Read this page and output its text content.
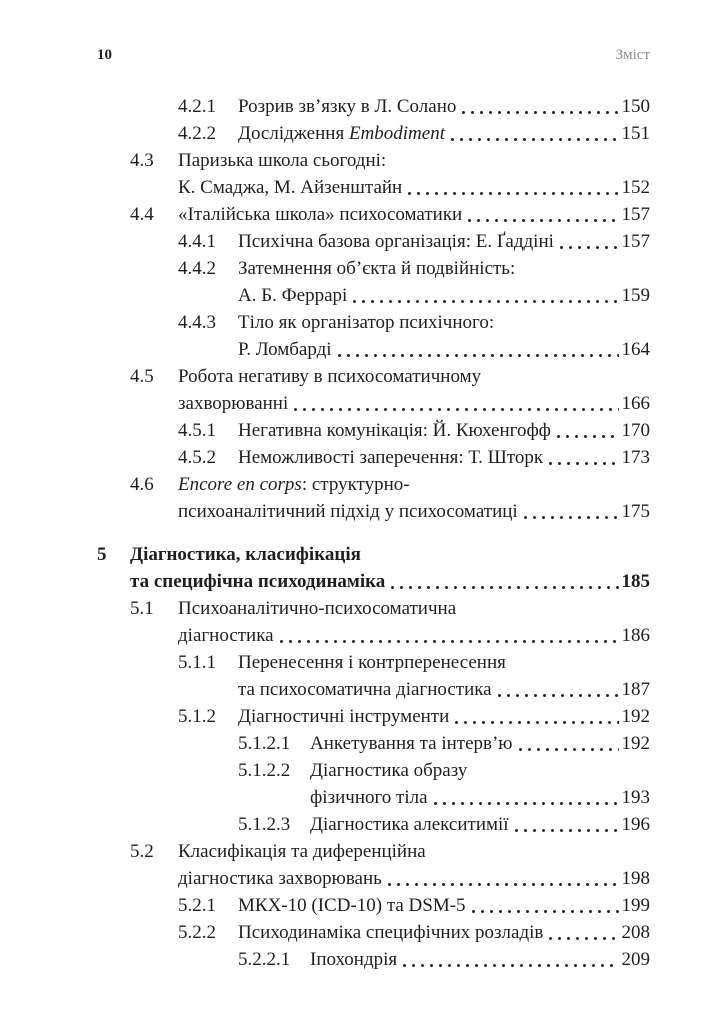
10	Зміст
4.2.1	Розрив зв’язку в Л. Солано	150
4.2.2	Дослідження Embodiment	151
4.3	Паризька школа сьогодні:
К. Смаджа, М. Айзенштайн	152
4.4	«Італійська школа» психосоматики	157
4.4.1	Психічна базова організація: Е. Ґаддіні	157
4.4.2	Затемнення об’єкта й подвійність:
А. Б. Феррарі	159
4.4.3	Тіло як організатор психічного:
Р. Ломбарді	164
4.5	Робота негативу в психосоматичному
захворюванні	166
4.5.1	Негативна комунікація: Й. Кюхенгофф	170
4.5.2	Неможливості заперечення: Т. Шторк	173
4.6	Encore en corps: структурно-
психоаналітичний підхід у психосоматиці	175
5	Діагностика, класифікація
та специфічна психодинаміка	185
5.1	Психоаналітично-психосоматична
діагностика	186
5.1.1	Перенесення і контрперенесення
та психосоматична діагностика	187
5.1.2	Діагностичні інструменти	192
5.1.2.1	Анкетування та інтерв’ю	192
5.1.2.2	Діагностика образу
фізичного тіла	193
5.1.2.3	Діагностика алекситимії	196
5.2	Класифікація та диференційна
діагностика захворювань	198
5.2.1	МКХ-10 (ICD-10) та DSM-5	199
5.2.2	Психодинаміка специфічних розладів	208
5.2.2.1	Іпохондрія	209
